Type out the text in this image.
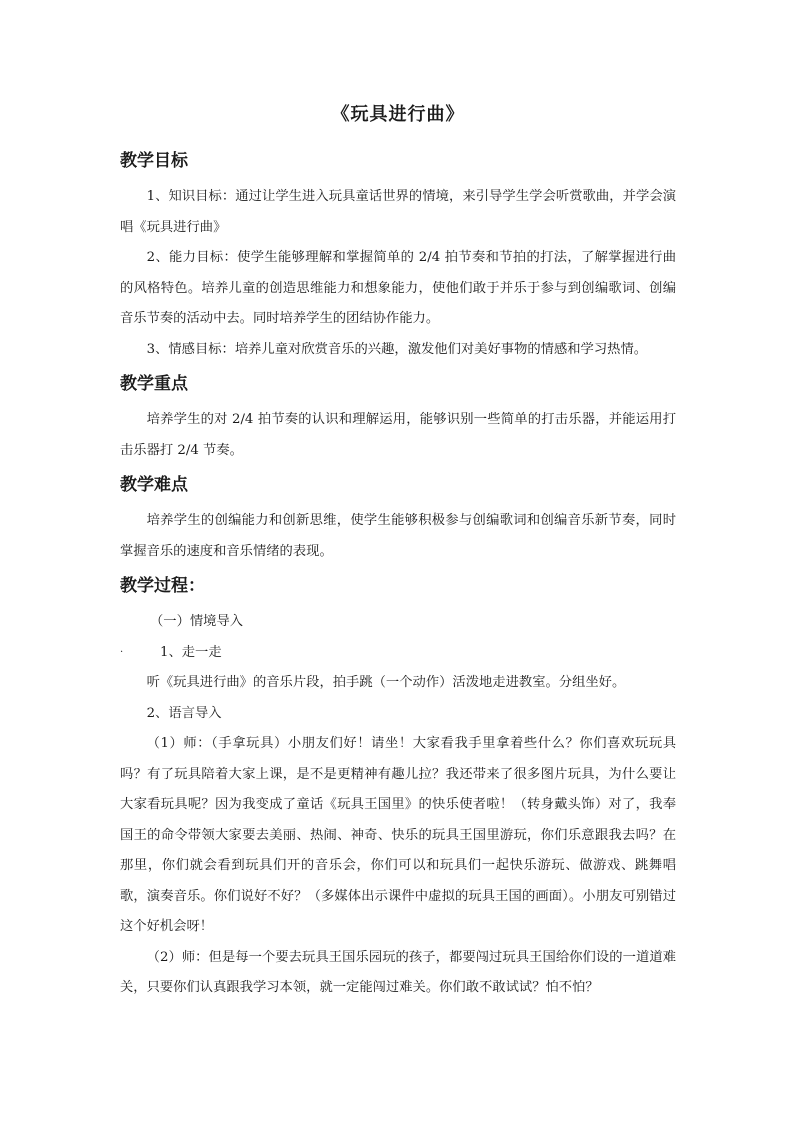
《玩具进行曲》
教学目标

1、知识目标：通过让学生进入玩具童话世界的情境，来引导学生学会听赏歌曲，并学会演唱《玩具进行曲》

2、能力目标：使学生能够理解和掌握简单的 2/4 拍节奏和节拍的打法，了解掌握进行曲的风格特色。培养儿童的创造思维能力和想象能力，使他们敢于并乐于参与到创编歌词、创编音乐节奏的活动中去。同时培养学生的团结协作能力。

3、情感目标：培养儿童对欣赏音乐的兴趣，激发他们对美好事物的情感和学习热情。

教学重点

培养学生的对 2/4 拍节奏的认识和理解运用，能够识别一些简单的打击乐器，并能运用打击乐器打 2/4 节奏。

教学难点

培养学生的创编能力和创新思维，使学生能够积极参与创编歌词和创编音乐新节奏，同时掌握音乐的速度和音乐情绪的表现。

教学过程：

（一）情境导入

·	1、走一走

听《玩具进行曲》的音乐片段，拍手跳（一个动作）活泼地走进教室。分组坐好。

2、语言导入

（1）师：（手拿玩具）小朋友们好！请坐！大家看我手里拿着些什么？你们喜欢玩玩具吗？有了玩具陪着大家上课，是不是更精神有趣儿拉？我还带来了很多图片玩具，为什么要让大家看玩具呢？因为我变成了童话《玩具王国里》的快乐使者啦！（转身戴头饰）对了，我奉国王的命令带领大家要去美丽、热闹、神奇、快乐的玩具王国里游玩，你们乐意跟我去吗？在那里，你们就会看到玩具们开的音乐会，你们可以和玩具们一起快乐游玩、做游戏、跳舞唱歌，演奏音乐。你们说好不好？（多媒体出示课件中虚拟的玩具王国的画面）。小朋友可别错过这个好机会呀！

（2）师：但是每一个要去玩具王国乐园玩的孩子，都要闯过玩具王国给你们设的一道道难关，只要你们认真跟我学习本领，就一定能闯过难关。你们敢不敢试试？怕不怕？
